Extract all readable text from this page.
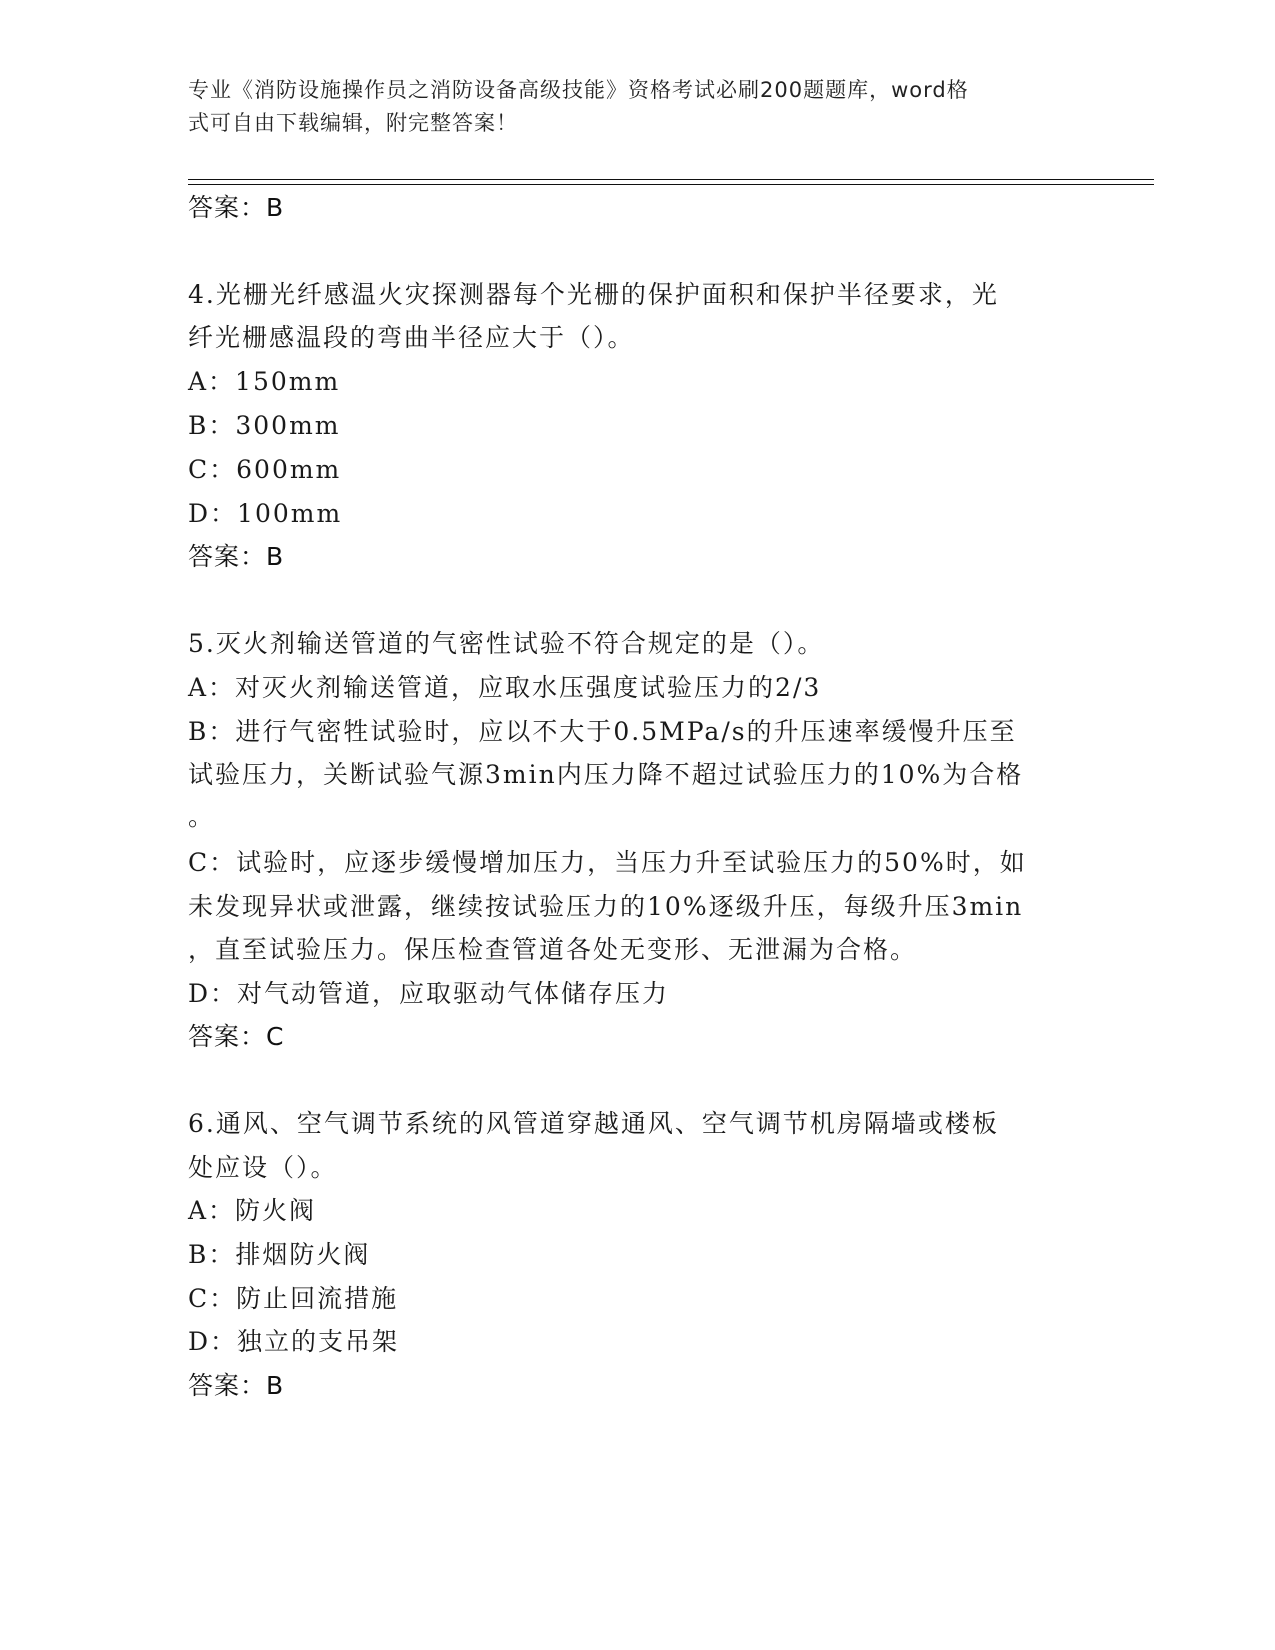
专业《消防设施操作员之消防设备高级技能》资格考试必刷200题题库，word格
式可自由下载编辑，附完整答案！
答案：B
4.光栅光纤感温火灾探测器每个光栅的保护面积和保护半径要求，光
纤光栅感温段的弯曲半径应大于（）。
A：150mm
B：300mm
C：600mm
D：100mm
答案：B
5.灭火剂输送管道的气密性试验不符合规定的是（）。
A：对灭火剂输送管道，应取水压强度试验压力的2/3
B：进行气密牲试验时，应以不大于0.5MPa/s的升压速率缓慢升压至
试验压力，关断试验气源3min内压力降不超过试验压力的10%为合格
。
C：试验时，应逐步缓慢增加压力，当压力升至试验压力的50%时，如
未发现异状或泄露，继续按试验压力的10%逐级升压，每级升压3min
，直至试验压力。保压检查管道各处无变形、无泄漏为合格。
D：对气动管道，应取驱动气体储存压力
答案：C
6.通风、空气调节系统的风管道穿越通风、空气调节机房隔墙或楼板
处应设（）。
A：防火阀
B：排烟防火阀
C：防止回流措施
D：独立的支吊架
答案：B
